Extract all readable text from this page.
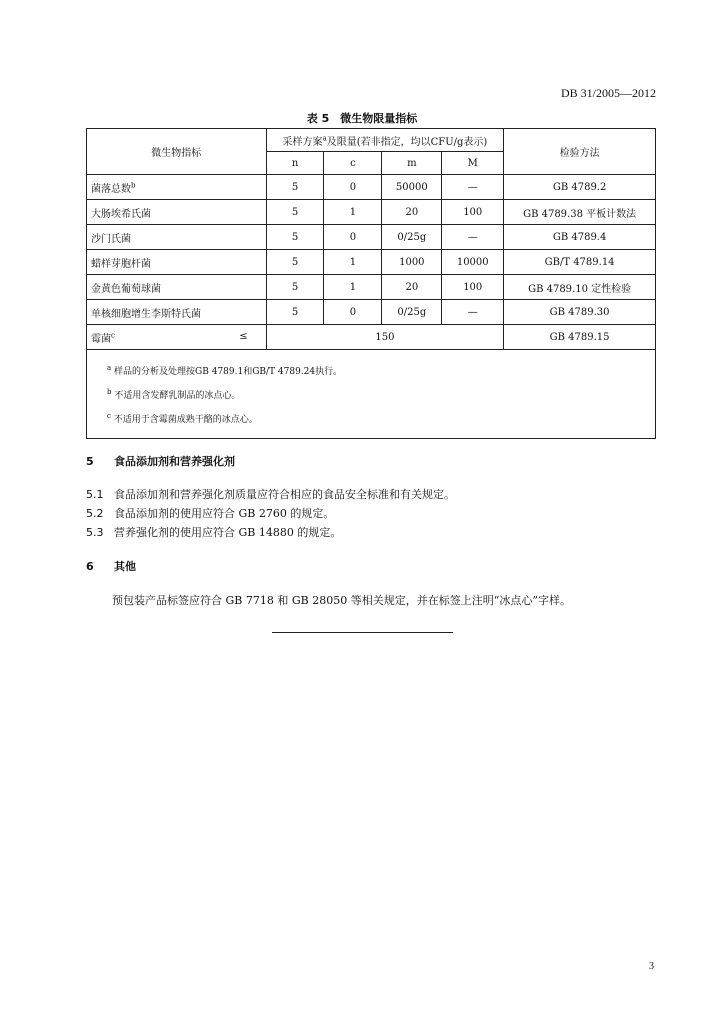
DB 31/2005—2012
表 5　微生物限量指标
微生物指标	采样方案$^a$及限量(若非指定，均以CFU/g表示)				检验方法
	n	c	m	M	
菌落总数$^b$	5	0	50000	—	GB 4789.2
大肠埃希氏菌	5	1	20	100	GB 4789.38 平板计数法
沙门氏菌	5	0	0/25g	—	GB 4789.4
蜡样芽胞杆菌	5	1	1000	10000	GB/T 4789.14
金黄色葡萄球菌	5	1	20	100	GB 4789.10 定性检验
单核细胞增生李斯特氏菌	5	0	0/25g	—	GB 4789.30
霉菌$^c$ ≤	150				GB 4789.15

$^a$ 样品的分析及处理按GB 4789.1和GB/T 4789.24执行。
$^b$ 不适用含发酵乳制品的冰点心。
$^c$ 不适用于含霉菌成熟干酪的冰点心。					
5 食品添加剂和营养强化剂
5.1 食品添加剂和营养强化剂质量应符合相应的食品安全标准和有关规定。
5.2 食品添加剂的使用应符合 GB 2760 的规定。
5.3 营养强化剂的使用应符合 GB 14880 的规定。
6 其他
预包装产品标签应符合 GB 7718 和 GB 28050 等相关规定，并在标签上注明“冰点心”字样。
3
